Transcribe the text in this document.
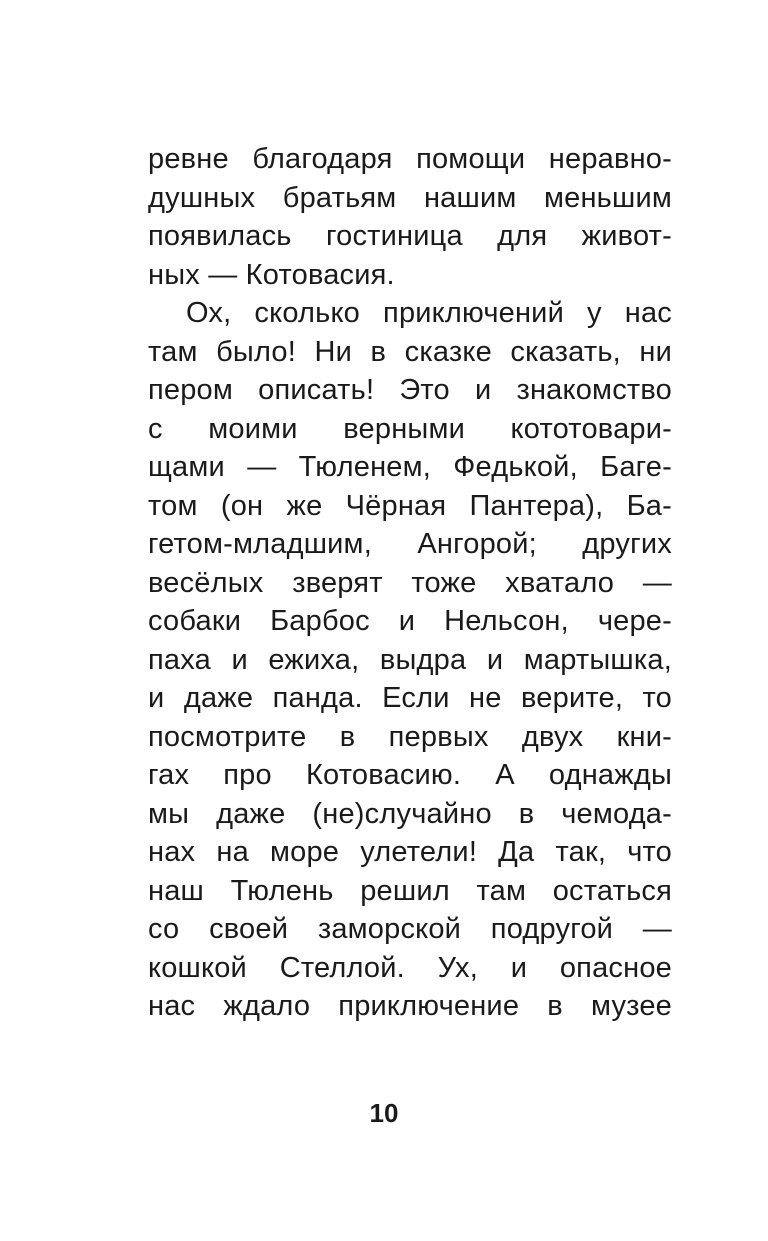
ревне благодаря помощи неравно-
душных братьям нашим меньшим
появилась гостиница для живот-
ных — Котовасия.
Ох, сколько приключений у нас
там было! Ни в сказке сказать, ни
пером описать! Это и знакомство
с моими верными кототовари-
щами — Тюленем, Федькой, Баге-
том (он же Чёрная Пантера), Ба-
гетом-младшим, Ангорой; других
весёлых зверят тоже хватало —
собаки Барбос и Нельсон, чере-
паха и ежиха, выдра и мартышка,
и даже панда. Если не верите, то
посмотрите в первых двух кни-
гах про Котовасию. А однажды
мы даже (не)случайно в чемода-
нах на море улетели! Да так, что
наш Тюлень решил там остаться
со своей заморской подругой —
кошкой Стеллой. Ух, и опасное
нас ждало приключение в музее
10
